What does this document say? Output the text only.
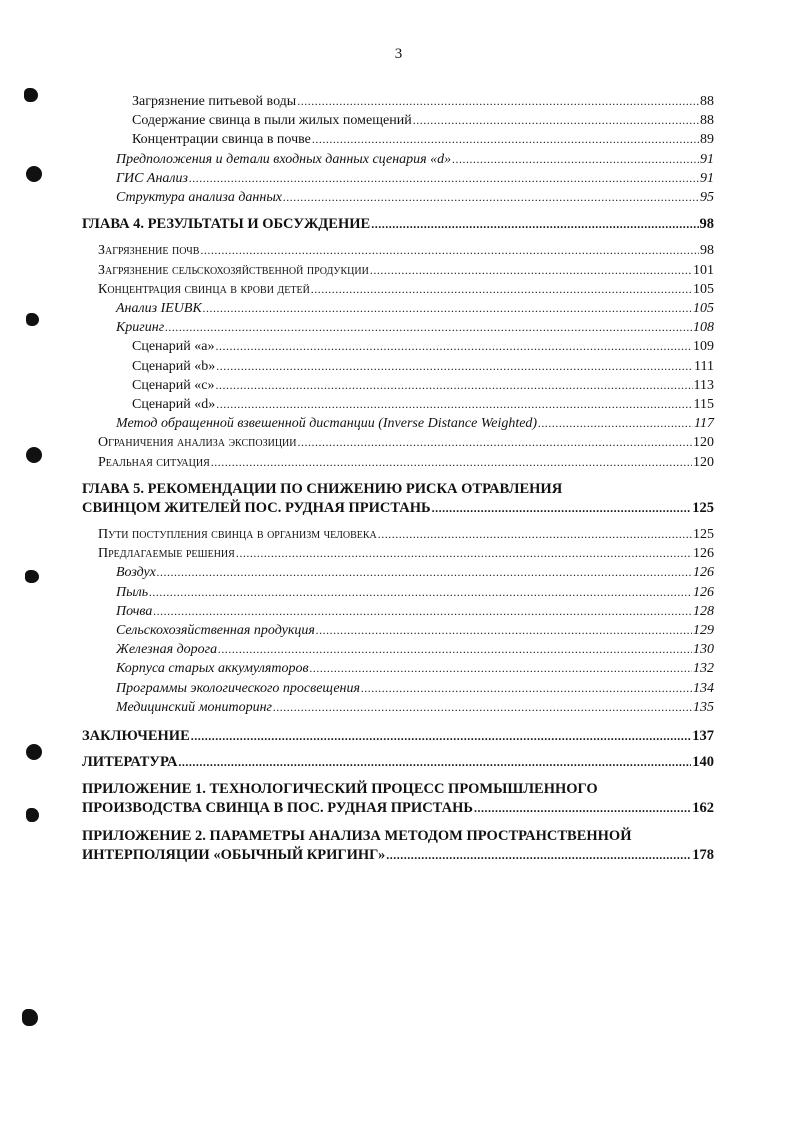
3
Загрязнение питьевой воды .....	88
Содержание свинца в пыли жилых помещений .....	88
Концентрации свинца в почве .....	89
Предположения и детали входных данных сценария «d» .....	91
ГИС Анализ .....	91
Структура анализа данных .....	95
ГЛАВА 4. РЕЗУЛЬТАТЫ И ОБСУЖДЕНИЕ .....	98
Загрязнение почв .....	98
Загрязнение сельскохозяйственной продукции .....	101
Концентрация свинца в крови детей .....	105
Анализ IEUBK .....	105
Кригинг .....	108
Сценарий «а» .....	109
Сценарий «b» .....	111
Сценарий «c» .....	113
Сценарий «d» .....	115
Метод обращенной взвешенной дистанции (Inverse Distance Weighted) .....	117
Ограничения анализа экспозиции .....	120
Реальная ситуация .....	120
ГЛАВА 5. РЕКОМЕНДАЦИИ ПО СНИЖЕНИЮ РИСКА ОТРАВЛЕНИЯ
СВИНЦОМ ЖИТЕЛЕЙ ПОС. РУДНАЯ ПРИСТАНЬ .....	125
Пути поступления свинца в организм человека .....	125
Предлагаемые решения .....	126
Воздух .....	126
Пыль .....	126
Почва .....	128
Сельскохозяйственная продукция .....	129
Железная дорога .....	130
Корпуса старых аккумуляторов .....	132
Программы экологического просвещения .....	134
Медицинский мониторинг .....	135
ЗАКЛЮЧЕНИЕ .....	137
ЛИТЕРАТУРА .....	140
ПРИЛОЖЕНИЕ 1. ТЕХНОЛОГИЧЕСКИЙ ПРОЦЕСС ПРОМЫШЛЕННОГО
ПРОИЗВОДСТВА СВИНЦА В ПОС. РУДНАЯ ПРИСТАНЬ .....	162
ПРИЛОЖЕНИЕ 2. ПАРАМЕТРЫ АНАЛИЗА МЕТОДОМ ПРОСТРАНСТВЕННОЙ
ИНТЕРПОЛЯЦИИ «ОБЫЧНЫЙ КРИГИНГ» .....	178
